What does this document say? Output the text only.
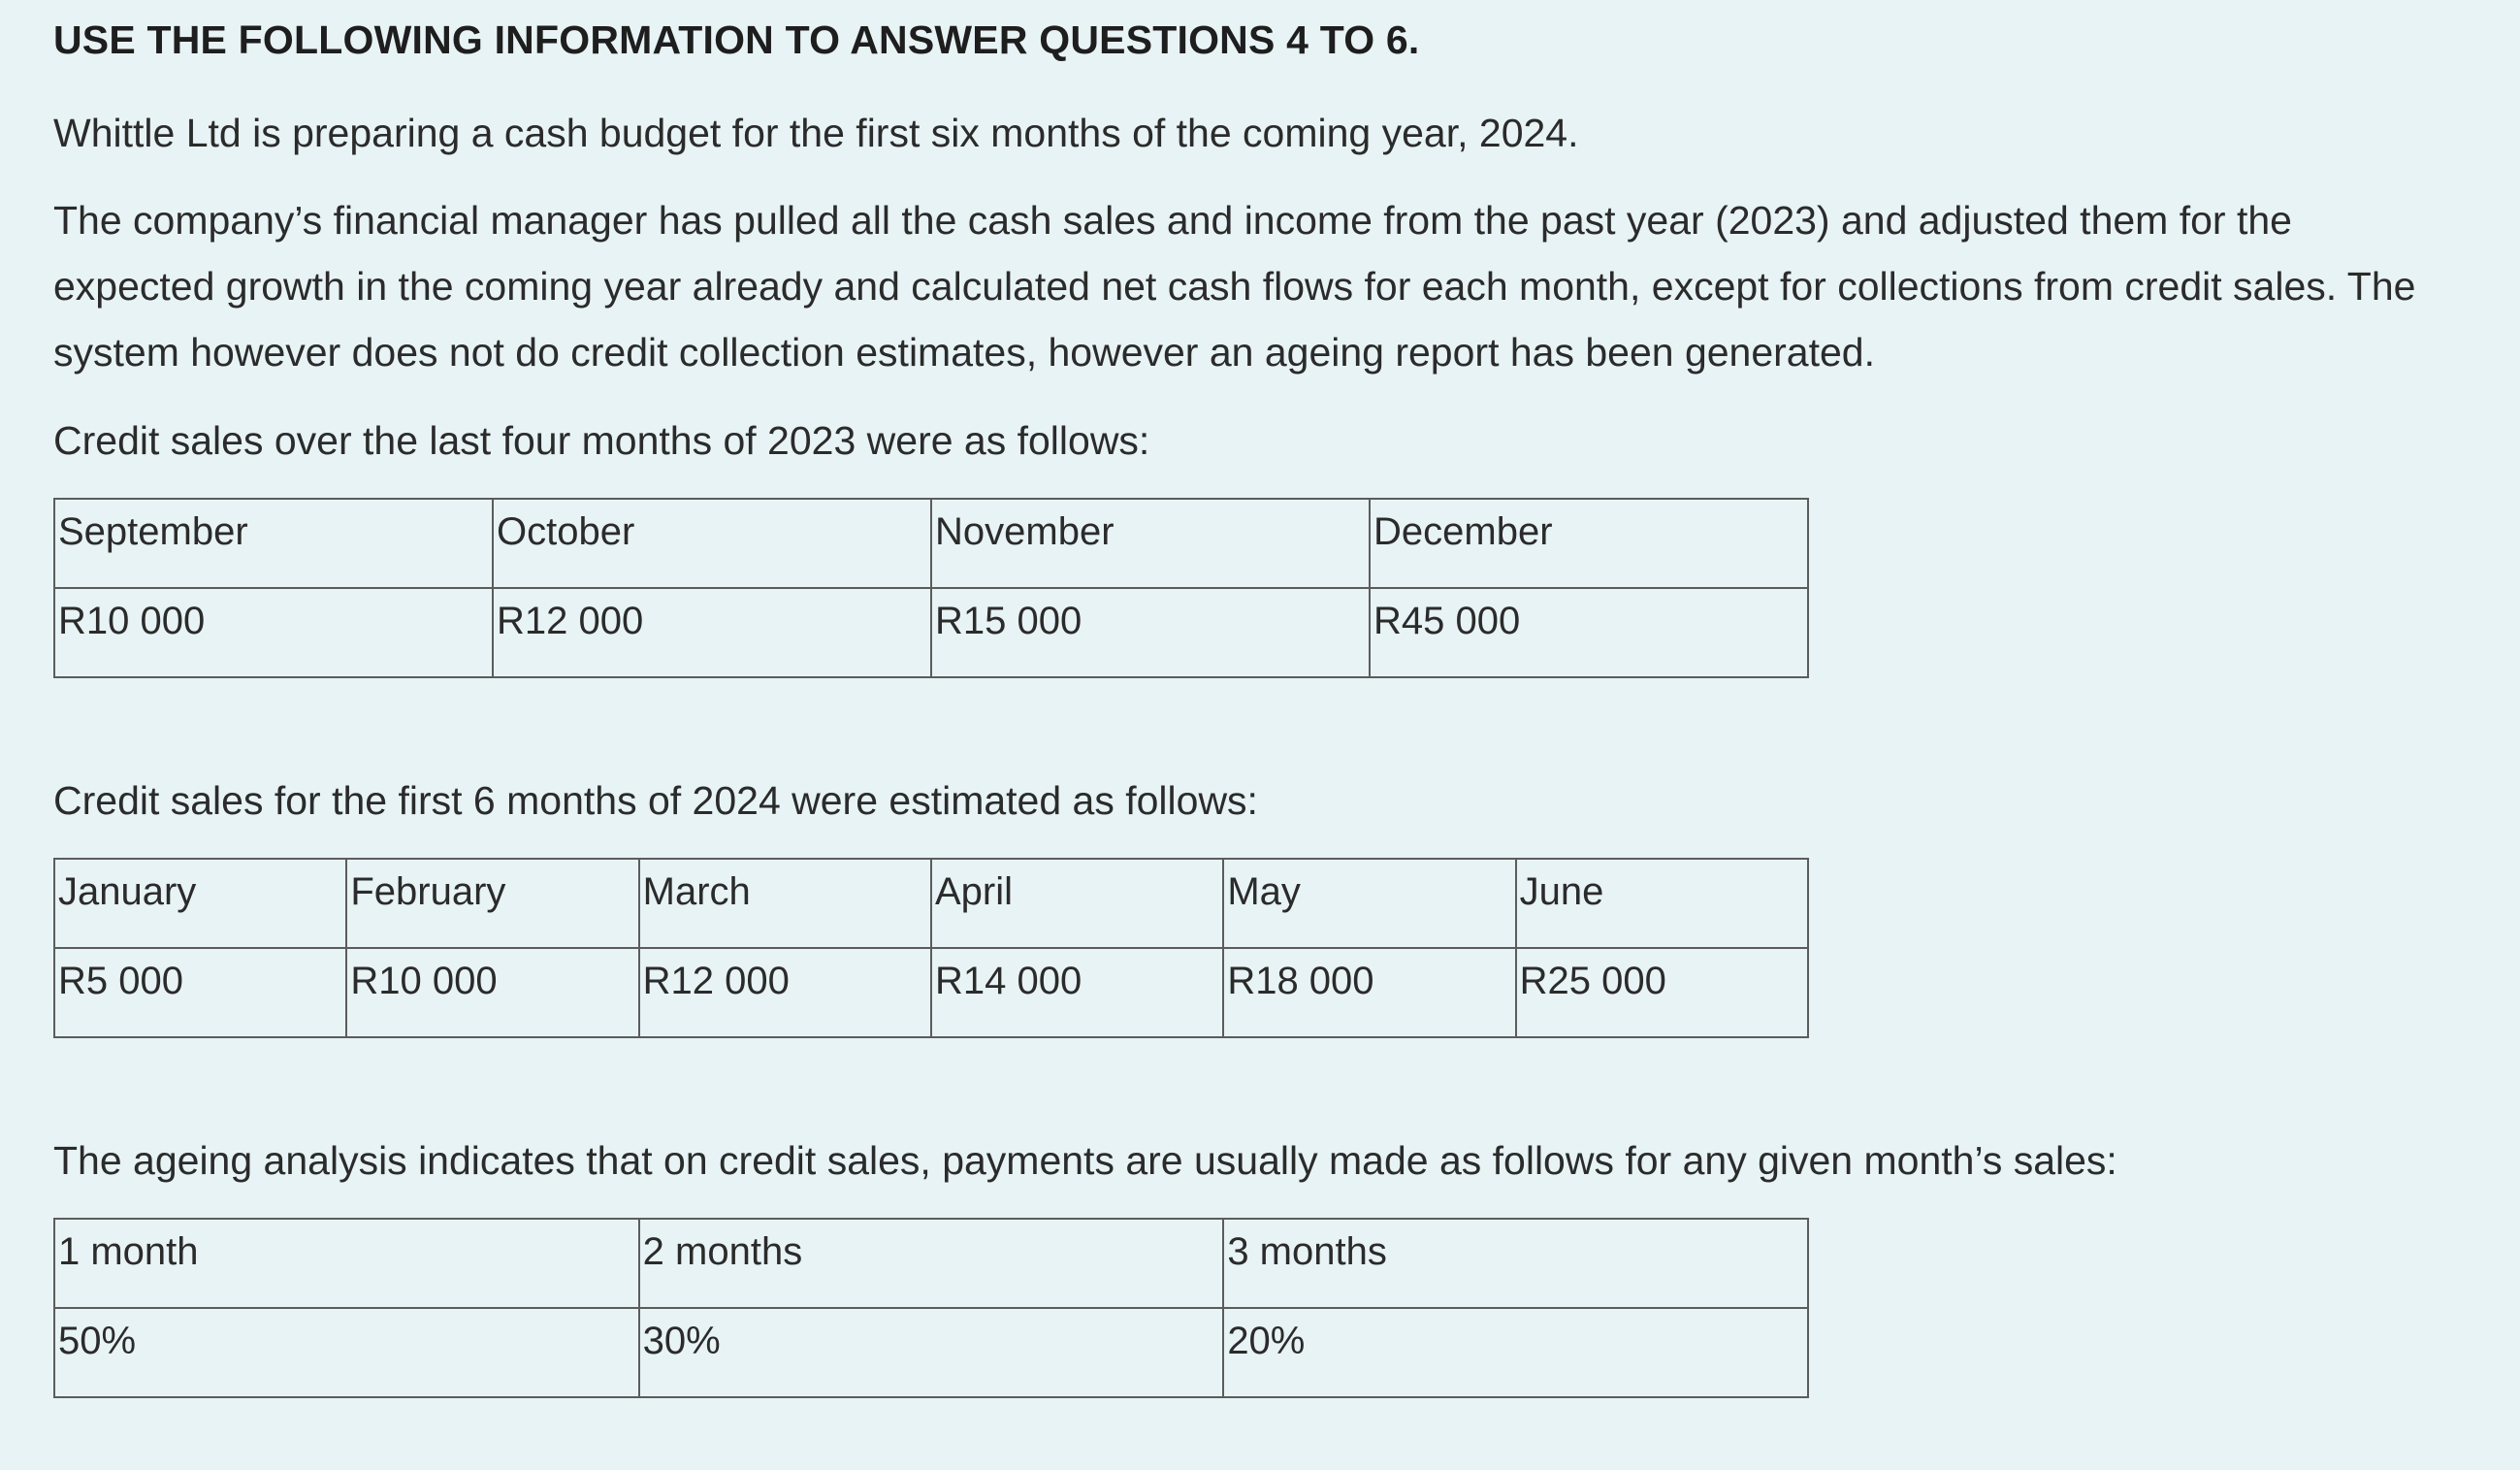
USE THE FOLLOWING INFORMATION TO ANSWER QUESTIONS 4 TO 6.

Whittle Ltd is preparing a cash budget for the first six months of the coming year, 2024.

The company’s financial manager has pulled all the cash sales and income from the past year (2023) and adjusted them for the expected growth in the coming year already and calculated net cash flows for each month, except for collections from credit sales. The system however does not do credit collection estimates, however an ageing report has been generated.

Credit sales over the last four months of 2023 were as follows:

September	October	November	December
R10 000	R12 000	R15 000	R45 000

Credit sales for the first 6 months of 2024 were estimated as follows:

January	February	March	April	May	June
R5 000	R10 000	R12 000	R14 000	R18 000	R25 000

The ageing analysis indicates that on credit sales, payments are usually made as follows for any given month’s sales:

1 month	2 months	3 months
50%	30%	20%
